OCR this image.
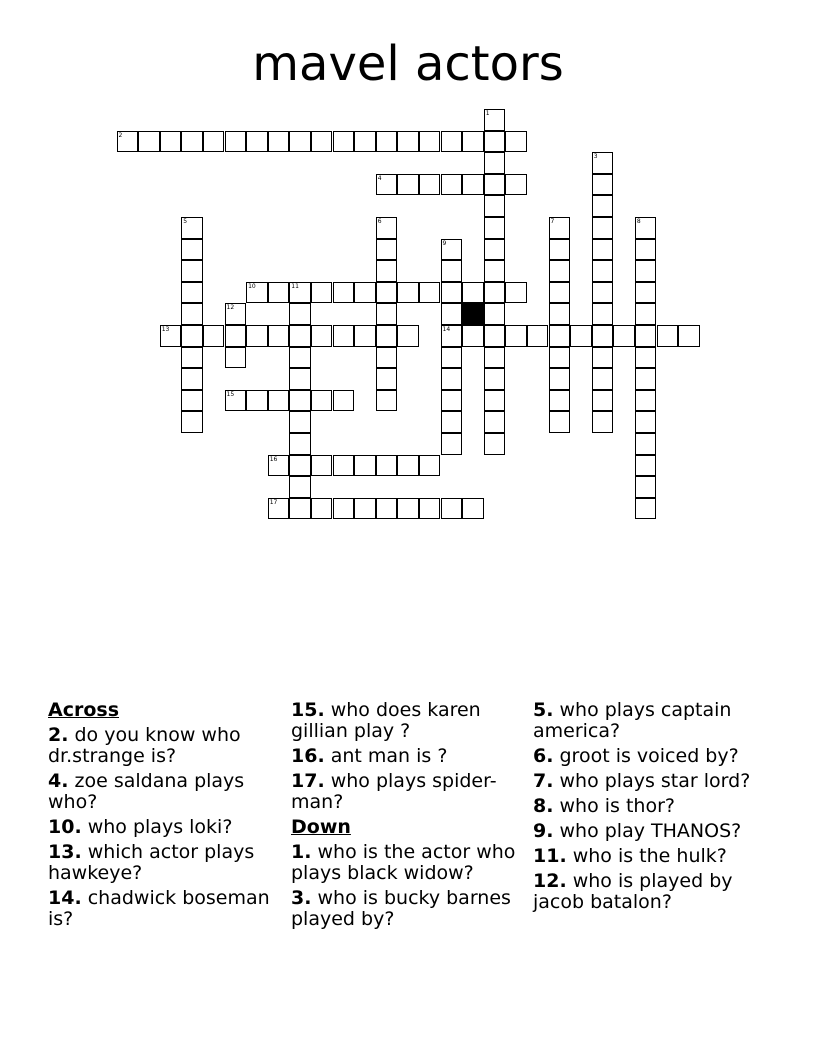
mavel actors
1
2
3
4
5	6	7	8
9
14
10	11
12
13
15
16
17
Across
2. do you know who dr.strange is?
4. zoe saldana plays who?
10. who plays loki?
13. which actor plays hawkeye?
14. chadwick boseman is?
15. who does karen gillian play ?
16. ant man is ?
17. who plays spider-man?
Down
1. who is the actor who plays black widow?
3. who is bucky barnes played by?
5. who plays captain america?
6. groot is voiced by?
7. who plays star lord?
8. who is thor?
9. who play THANOS?
11. who is the hulk?
12. who is played by jacob batalon?
